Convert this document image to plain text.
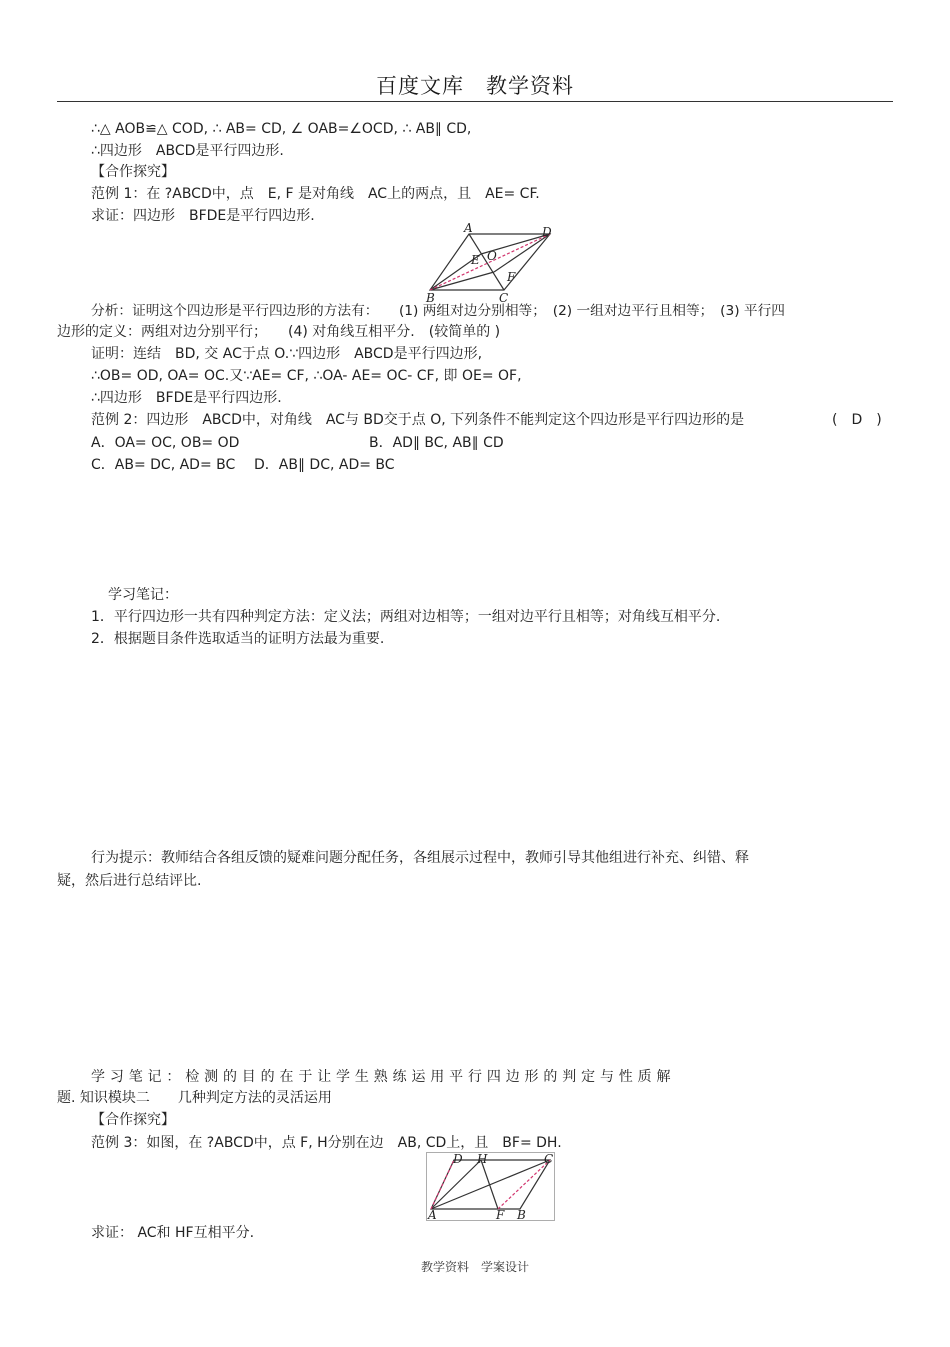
百度文库　教学资料
∴△ AOB≌△ COD, ∴ AB= CD, ∠ OAB=∠OCD, ∴ AB∥ CD,
∴四边形　ABCD是平行四边形.
【合作探究】
范例 1：在 ?ABCD中，点　E, F 是对角线　AC上的两点，且　AE= CF.
求证：四边形　BFDE是平行四边形.
A	D
O
E
F
B	C
分析：证明这个四边形是平行四边形的方法有：　　(1) 两组对边分别相等；　(2) 一组对边平行且相等；　(3) 平行四
边形的定义：两组对边分别平行；　　(4) 对角线互相平分.　(较简单的 )
证明：连结　BD, 交 AC于点 O.∵四边形　ABCD是平行四边形,
∴OB= OD, OA= OC.又∵AE= CF, ∴OA- AE= OC- CF, 即 OE= OF,
∴四边形　BFDE是平行四边形.
范例 2：四边形　ABCD中，对角线　AC与 BD交于点 O, 下列条件不能判定这个四边形是平行四边形的是	(　D　)
A．OA= OC, OB= OD	B．AD∥ BC, AB∥ CD
C．AB= DC, AD= BC D．AB∥ DC, AD= BC
学习笔记：
1．平行四边形一共有四种判定方法：定义法；两组对边相等；一组对边平行且相等；对角线互相平分.
2．根据题目条件选取适当的证明方法最为重要.
行为提示：教师结合各组反馈的疑难问题分配任务，各组展示过程中，教师引导其他组进行补充、纠错、释
疑，然后进行总结评比.
学 习 笔 记 ： 检 测 的 目 的 在 于 让 学 生 熟 练 运 用 平 行 四 边 形 的 判 定 与 性 质 解
题. 知识模块二　　几种判定方法的灵活运用
【合作探究】
范例 3：如图，在 ?ABCD中，点 F, H分别在边　AB, CD上，且　BF= DH.
D H	C
A	F B
求证： AC和 HF互相平分.
教学资料　学案设计
